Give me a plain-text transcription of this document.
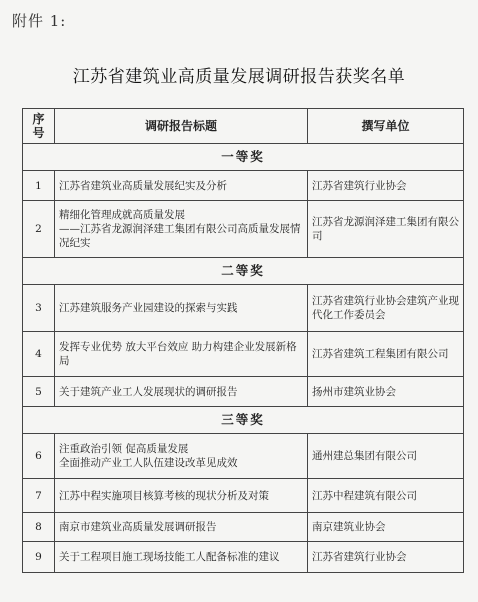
附件 1:
江苏省建筑业高质量发展调研报告获奖名单
序号	调研报告标题	撰写单位
一等奖		
1	江苏省建筑业高质量发展纪实及分析	江苏省建筑行业协会
2	精细化管理成就高质量发展
——江苏省龙源润泽建工集团有限公司高质量发展情况纪实	江苏省龙源润泽建工集团有限公司
二等奖		
3	江苏建筑服务产业园建设的探索与实践	江苏省建筑行业协会建筑产业现代化工作委员会
4	发挥专业优势 放大平台效应 助力构建企业发展新格局	江苏省建筑工程集团有限公司
5	关于建筑产业工人发展现状的调研报告	扬州市建筑业协会
三等奖		
6	注重政治引领 促高质量发展
全面推动产业工人队伍建设改革见成效	通州建总集团有限公司
7	江苏中程实施项目核算考核的现状分析及对策	江苏中程建筑有限公司
8	南京市建筑业高质量发展调研报告	南京建筑业协会
9	关于工程项目施工现场技能工人配备标准的建议	江苏省建筑行业协会
